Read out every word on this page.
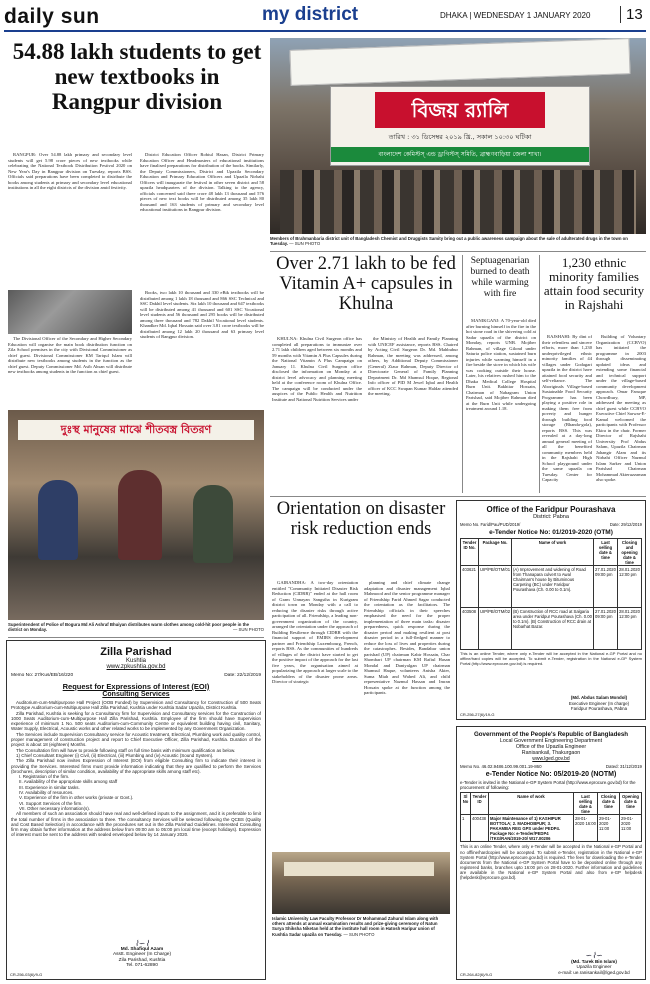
daily sun	my district	DHAKA | WEDNESDAY 1 JANUARY 2020	13
54.88 lakh students to get new textbooks in Rangpur division

RANGPUR: Over 54.88 lakh primary and secondary level students will get 5.98 crore pieces of new textbooks while celebrating the National Textbook Distribution Festival 2020 on New Year's Day in Rangpur division on Tuesday, reports BSS. Officials said preparations have been completed to distribute the books among students at primary and secondary level educational institutions in all the eight districts of the division amid festivity.

District Education Officer Robiul Hasan, District Primary Education Officer and Headmasters of educational institutions have finalised preparations for distribution of the books. Similarly, the Deputy Commissioners, District and Upazila Secondary Education and Primary Education Officers and Upazila Nirbahi Officers will inaugurate the festival in other seven district and 58 upazila headquarters of the division. Talking to the agency, officials concerned said three crore 48 lakh 13 thousand and 576 pieces of new text books will be distributed among 35 lakh 80 thousand and 163 students of primary and secondary level educational institutions in Rangpur division.

The Divisional Officer of the Secondary and Higher Secondary Education will organise the main book distribution function on Zila School premises in the city with Divisional Commissioner as chief guest. Divisional Commissioner KM Tariqul Islam will distribute new textbooks among students in the function as the chief guest. Deputy Commissioner Md. Asib Ahsan will distribute new textbooks among students in the function as chief guest.

Books, two lakh 10 thousand and 330 eBtk textbooks will be distributed among 1 lakh 18 thousand and 866 SSC Technical and SSC Dakhil level students. Six lakh 10 thousand and 647 textbooks will be distributed among 41 thousand and 601 SSC Vocational level students and 56 thousand and 295 books will be distributed among three thousand and 782 Dakhil Vocational level students. Khandker Md. Iqbal Hossain said over 3.81 crore textbooks will be distributed among 12 lakh 20 thousand and 63 primary level students of Rangpur division.

দুঃস্থ মানুষের মাঝে শীতবস্ত্র বিতরণ
Superintendent of Police of Bogura Md Ali Ashraf Bhuiyan distributes warm clothes among cold-hit poor people in the district on Monday.	— SUN PHOTO
বিজয় র‍্যালি
তারিখ : ৩১ ডিসেম্বর ২০১৯ খ্রি., সকাল ১০:৩০ ঘটিকা
বাংলাদেশ কেমিস্টস্ এন্ড ড্রাগিস্টস্ সমিতি, ব্রাহ্মণবাড়িয়া জেলা শাখা।
Members of Brahmanbaria district unit of Bangladesh Chemist and Druggists Samity bring out a public awareness campaign about the sale of adulterated drugs in the town on Tuesday. — SUN PHOTO
Over 2.71 lakh to be fed Vitamin A+ capsules in Khulna

KHULNA: Khulna Civil Surgeon office has completed all preparations to immunize over 2.71 lakh children aged between six months and 59 months with Vitamin A Plus Capsules during the National Vitamin A Plus Campaign on January 11. Khulna Civil Surgeon office disclosed the information on Monday at a district level advocacy and planning meeting held at the conference room of Khulna Office. The campaign will be conducted under the auspices of the Public Health and Nutrition Institute and National Nutrition Services under

the Ministry of Health and Family Planning with UNICEF assistance, reports BSS. Chaired by Acting Civil Surgeon Dr. Md. Mahbubur Rahman, the meeting was addressed, among others, by Additional Deputy Commissioner (General) Ziaur Rahman, Deputy Director of Directorate General of Family Planning Department Dr. Md Shamsul Hoque, Regional Info officer of PID M Jewel Iqbal and Health officer of KCC Swapan Kumar Haldar attended the meeting.

Septuagenarian burned to death while warming with fire

MANIKGANJ: A 70-year-old died after burning himself in the fire in the hot stone road in the shivering cold at Sadar upazila of the district on Monday, reports UNB. Mojiber Rahman, of village Gilond under Saturia police station, sustained burn injuries while warming himself in a fire beside the stove in which his wife was cooking outside their house. Later, his relatives rushed him to the Dhaka Medical College Hospital Burn Unit. Bakhtiar Hossain, Chairman of Nabagram Union Parishad, said Mojiber Rahman died at the Burn Unit while undergoing treatment around 1.18.

1,230 ethnic minority families attain food security in Rajshahi

RAJSHAHI: By dint of their relentless and sincere efforts, more than 1,230 underprivileged ethnic minority families of 44 villages under Godagari upazila in the district have attained food security and self-reliance. The Aboriginals Village-based Sustainable Food Security Programme has been playing a positive role in making them free from poverty and hunger through building food storage (Bhanda-gola), reports BSS. This was revealed at a day-long annual general meeting of all the benefited community members held in the Rajshahi High School playground under the same upazila on Tuesday. Center for Capacity

Building of Voluntary Organization (CCBVO) has initiated the programme in 2003 through disseminating updated ideas and extending some financial and technical support under the village-based community development approach. Omar Faruque Chowdhury, MP, addressed the meeting as chief guest while CCBVO Executive Chief Sarwar-E-Kamal welcomed the participants with Professor Ekira in the chair. Former Director of Rajshahi University Prof Abdus Salam, Upazila Chairman Jahangir Alam and its Nirbahi Officer Nazmul Islam Sarker and Union Parishad Chairman Mohammad Akteruzzaman also spoke.

Orientation on disaster risk reduction ends

GAIBANDHA: A two-day orientation entitled "Community Initiated Disaster Risk Reduction (CIDRR)" ended at the hall room of Gram Unnayan Sangstha in Kurigram district town on Monday with a call to reducing the disaster risks through active participation of all. Friendship, a leading non-government organization of the country, arranged the orientation under the approach of Building Resilience through CIDRR with the financial support of EMIRS development partner and Friendship Luxembourg, French, reports BSS. As the communities of hundreds of villages of the district have started to get the positive impact of the approach for the last five years, the organisation aimed at popularizing the approach at larger scale to the stakeholders of the disaster prone areas. Director of strategic

planning and chief climate change adaptation and disaster management Iqbal Mahmood and the senior programme manager of Friendship Farid Ahmed Sagar conducted the orientation as the facilitators. The Friendship officials in their speeches emphasised the need for the proper implementation of three main tasks: disaster preparedness, quick response during the disaster period and making resilient at post disaster period in a full-fledged manner to reduce the loss of lives and properties during the catastrophes. Besides, Bandabar union parishad (UP) chairman Kabir Hossain, Char Shombari UP chairman KM Rafiul Hasan Mondal and Daniyalgan UP chairman Shamsul Haque, volunteers Anisha Akter, Suma Miah and Wahed Ali, and child representative Nazmul Hassan and Imran Hossain spoke at the function among the participants.

Islamic University Law Faculty Professor Dr Mohammad Zahurul Islam along with others attends at annual examination results and prize-giving ceremony of Natun Surya Shiksha Niketan held at the institute hall room in Hatosh Haripur union of Kushtia Sadar upazila on Tuesday. — SUN PHOTO
Zilla Parishad
Kushtia
www.zpkushtia.gov.bd
Memo No: 27/Kus/EB/16/220	Date: 22/12/2019
Request for Expressions of Interest (EOI)
Consulting Services

Auditorium-cum-Multipurpose Hall Project (OOB Funded) by Supervision and Consultancy for Construction of 500 Seats Prototype Auditorium-cum-Multipurpose Hall Zilla Parishad, Kushtia under Kushtia Sadar Upazila, District Kushtia.

Zilla Parishad, Kushtia is seeking for a Consultancy firm for Supervision and Consultancy services for the Construction of 1000 Seats Auditorium-cum-Multipurpose Hall Zilla Parishad, Kushtia. Employee of the firm should have Supervision experience of minimum 1 No. 500 seats Auditorium-cum-Community Centre or equivalent building having civil, Sanitary, Water Supply, Electrical, Acoustic works and other related works to be implemented by any Government Organization.

The Services include Supervision Consultancy service for Acoustic treatment, Electrical, Plumbing work and quality control, proper management of construction project and report to Chief Executive Officer, Zilla Parishad, Kushtia. Duration of the project is about 18 (eighteen) Months.

The Consultation firm will have to provide following staff on full time basis with minimum qualification as below.

1) Chief Consultant Engineer (i) Civil, (ii) Electrical, (iii) Plumbing and (iv) Acoustic (Sound System).

The Zilla Parishad now invites Expression of Interest (EOI) from eligible Consulting firm to indicate their interest in providing the Services. Interested firms must provide information indicating that they are qualified to perform the Services (brochures, description of similar condition, availability of the appropriate skills among staff etc).

I. Registration of the firm.
II. Availability of the appropriate skills among staff
III. Experience in similar tasks.
IV. Availability of resources.
V. Experience of the firm in other works (private or Govt.).
VI. Support Services of the firm.
VII. Other necessary information(s).

All members of such an association should have real and well-defined inputs to the assignment, and it is preferable to limit the total number of firms in the association to three. The consultancy Services will be selected following the QCBS (Quality and Cost Based Selection) in accordance with the procedures set out in the Zilla Parishad Guidelines. Interested Consulting firm may obtain further information at the address below from 09:00 am to 05:00 pm local time (except holidays). Expression of interest must be sent to the address with sealed enveloped below by 14 January 2020.

⌇∽⌇
Md. Shafiqul Azam
Asstt. Engineer (In Charge)
Zila Parishad, Kushtia
Tel. 071-62890
CR-256-03(6)/9-G
Office of the Faridpur Pourashava
District: Pabna
Memo No. Farid/Pau/PUD/2019/	Date: 29/12/2019
e-Tender Notice No: 01/2019-2020 (OTM)
Tender ID No.	Package No.	Name of work	Last selling date & time	Closing and opening date & time
403621	UIP/PB/OTM/01	(A) Improvement and widening of Road from Thanapara culvert to Awal Chairman's house by Bituminous Carpeting (BC) under Faridpur Pourashava (Ch. 0.00 to 0.1m).	27.01.2020 09:00 pm	28.01.2020 12:00 pm
403508	UIP/PB/OTM/02	(B) Construction of RCC road at Salgaria area under Faridpur Pourashava (Ch. 0.00 to 0.1m). (B) Construction of RCC drain at Nobarhat Bazar.	27.01.2020 09:00 pm	28.01.2020 12:00 pm
This is an online Tender, where only e-Tender will be accepted in the National e-GP Portal and no offline/hard copies will be accepted. To submit e-Tender, registration in the National e-GP System Portal (http://www.eprocure.gov.bd) is required.
(Md. Abdus Salam Mondol)
Executive Engineer (In charge)
Faridpur Pourashava, Pabna
CR-256-27(6)/19-G
Government of the People's Republic of Bangladesh
Local Government Engineering Department
Office of the Upazila Engineer
Ranisankail, Thakurgaon
www.lged.gov.bd
Memo No. 46.02.9486.100.99.001.19-860	Dated: 31/12/2019
e-Tender Notice No: 05/2019-20 (NOTM)
e-Tender is invited in the National e-GP System Portal (http://www.eprocure.gov.bd) for the procurement of following:
Sl No	Tender ID	Name of work	Last selling date & time	Closing date & time	Opening date & time
1	400438	Major Maintenance of 1) KASHIPUR BOTTOLA; 2. MADHOBPUR; 3. PAKAMBA REG GPS under PEDP4. Package No: e-Tender/PEDP4 /TKG/RAN/2019-20/ W17.00206	28-01-2020 16:00	29-01-2020 11:00	29-01-2020 11:00
This is an online Tender, where only e-Tender will be accepted in the National e-GP Portal and no offline/hardcopies will be accepted. To submit e-Tender, registration in the National e-GP System Portal (http://www.eprocure.gov.bd) is required. The fees for downloading the e-Tender documents from the National e-GP System Portal have to be deposited online through any registered banks, branches upto 16:00 pm on 28-01-2020. Further information and guidelines are available in the National e-GP System Portal and also from e-GP helpdesk (helpdesk@eprocure.gov.bd).
∽⌇∽
(Md. Tarek Bin Islam)
Upazila Engineer
e-mail: ue.ranisankail@lged.gov.bd
CR-264-82(6)/9-G
